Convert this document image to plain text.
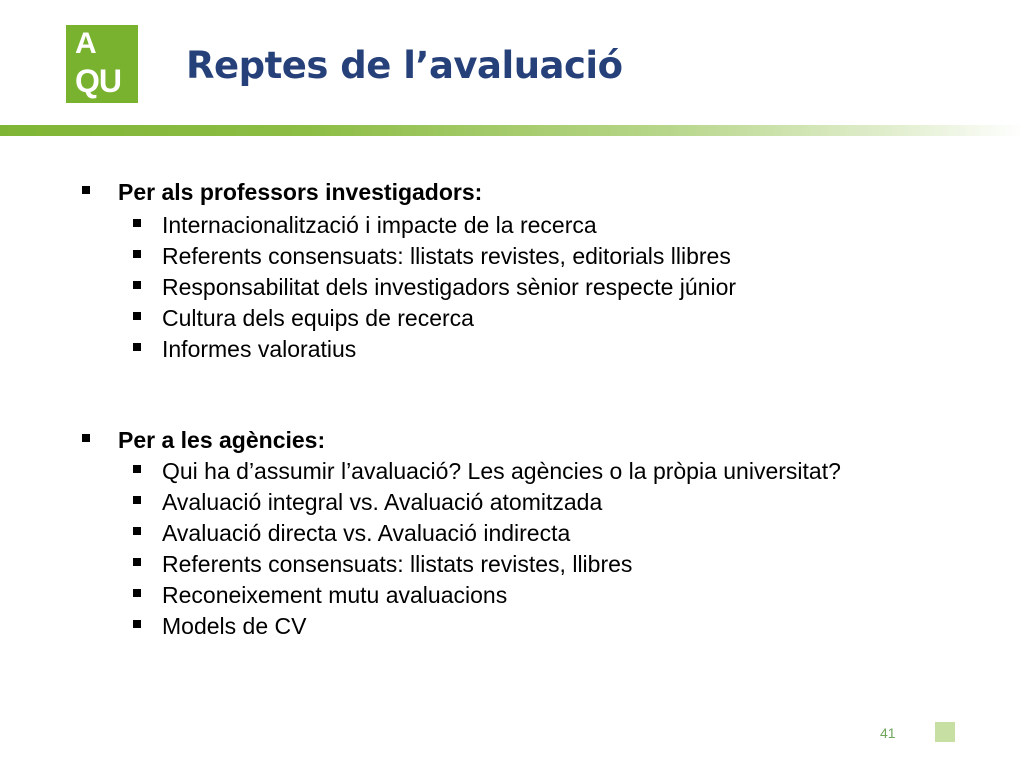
A
QU Reptes de l’avaluació
Per als professors investigadors:
Internacionalització i impacte de la recerca
Referents consensuats: llistats revistes, editorials llibres
Responsabilitat dels investigadors sènior respecte júnior
Cultura dels equips de recerca
Informes valoratius
Per a les agències:
Qui ha d’assumir l’avaluació? Les agències o la pròpia universitat?
Avaluació integral vs. Avaluació atomitzada
Avaluació directa vs. Avaluació indirecta
Referents consensuats: llistats revistes, llibres
Reconeixement mutu avaluacions
Models de CV
41
